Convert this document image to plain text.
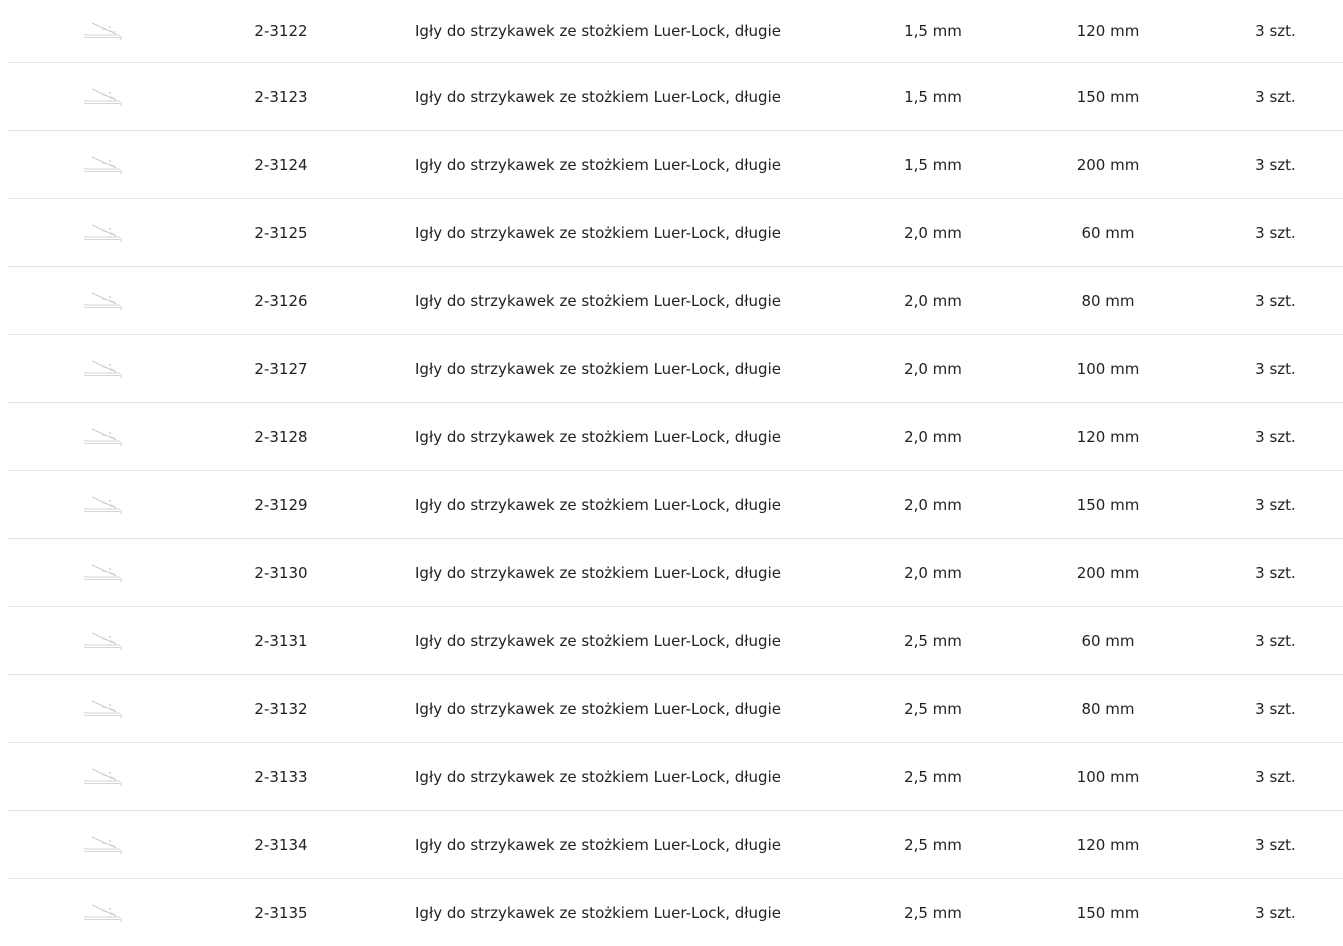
2-3122	Igły do strzykawek ze stożkiem Luer-Lock, długie	1,5 mm	120 mm	3 szt.
2-3123	Igły do strzykawek ze stożkiem Luer-Lock, długie	1,5 mm	150 mm	3 szt.
2-3124	Igły do strzykawek ze stożkiem Luer-Lock, długie	1,5 mm	200 mm	3 szt.
2-3125	Igły do strzykawek ze stożkiem Luer-Lock, długie	2,0 mm	60 mm	3 szt.
2-3126	Igły do strzykawek ze stożkiem Luer-Lock, długie	2,0 mm	80 mm	3 szt.
2-3127	Igły do strzykawek ze stożkiem Luer-Lock, długie	2,0 mm	100 mm	3 szt.
2-3128	Igły do strzykawek ze stożkiem Luer-Lock, długie	2,0 mm	120 mm	3 szt.
2-3129	Igły do strzykawek ze stożkiem Luer-Lock, długie	2,0 mm	150 mm	3 szt.
2-3130	Igły do strzykawek ze stożkiem Luer-Lock, długie	2,0 mm	200 mm	3 szt.
2-3131	Igły do strzykawek ze stożkiem Luer-Lock, długie	2,5 mm	60 mm	3 szt.
2-3132	Igły do strzykawek ze stożkiem Luer-Lock, długie	2,5 mm	80 mm	3 szt.
2-3133	Igły do strzykawek ze stożkiem Luer-Lock, długie	2,5 mm	100 mm	3 szt.
2-3134	Igły do strzykawek ze stożkiem Luer-Lock, długie	2,5 mm	120 mm	3 szt.
2-3135	Igły do strzykawek ze stożkiem Luer-Lock, długie	2,5 mm	150 mm	3 szt.
